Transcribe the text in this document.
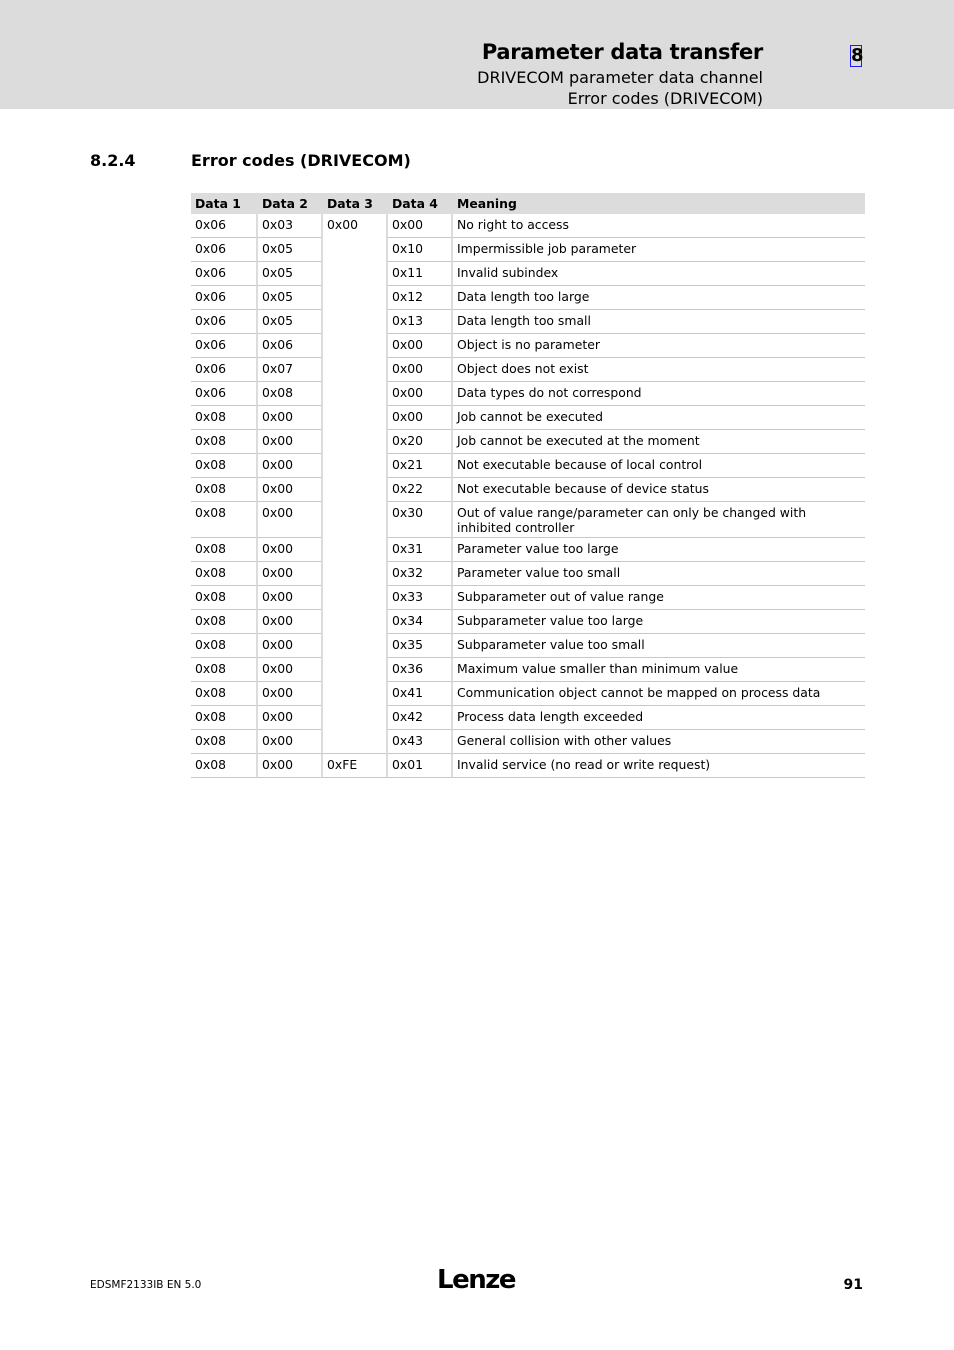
Parameter data transfer
DRIVECOM parameter data channel
Error codes (DRIVECOM)
8
8.2.4	Error codes (DRIVECOM)
Data 1	Data 2	Data 3	Data 4	Meaning
0x06	0x03	0x00	0x00	No right to access
0x06	0x05		0x10	Impermissible job parameter
0x06	0x05		0x11	Invalid subindex
0x06	0x05		0x12	Data length too large
0x06	0x05		0x13	Data length too small
0x06	0x06		0x00	Object is no parameter
0x06	0x07		0x00	Object does not exist
0x06	0x08		0x00	Data types do not correspond
0x08	0x00		0x00	Job cannot be executed
0x08	0x00		0x20	Job cannot be executed at the moment
0x08	0x00		0x21	Not executable because of local control
0x08	0x00		0x22	Not executable because of device status
0x08	0x00		0x30	Out of value range/parameter can only be changed with inhibited controller
0x08	0x00		0x31	Parameter value too large
0x08	0x00		0x32	Parameter value too small
0x08	0x00		0x33	Subparameter out of value range
0x08	0x00		0x34	Subparameter value too large
0x08	0x00		0x35	Subparameter value too small
0x08	0x00		0x36	Maximum value smaller than minimum value
0x08	0x00		0x41	Communication object cannot be mapped on process data
0x08	0x00		0x42	Process data length exceeded
0x08	0x00		0x43	General collision with other values
0x08	0x00	0xFE	0x01	Invalid service (no read or write request)
EDSMF2133IB EN 5.0	Lenze	91
